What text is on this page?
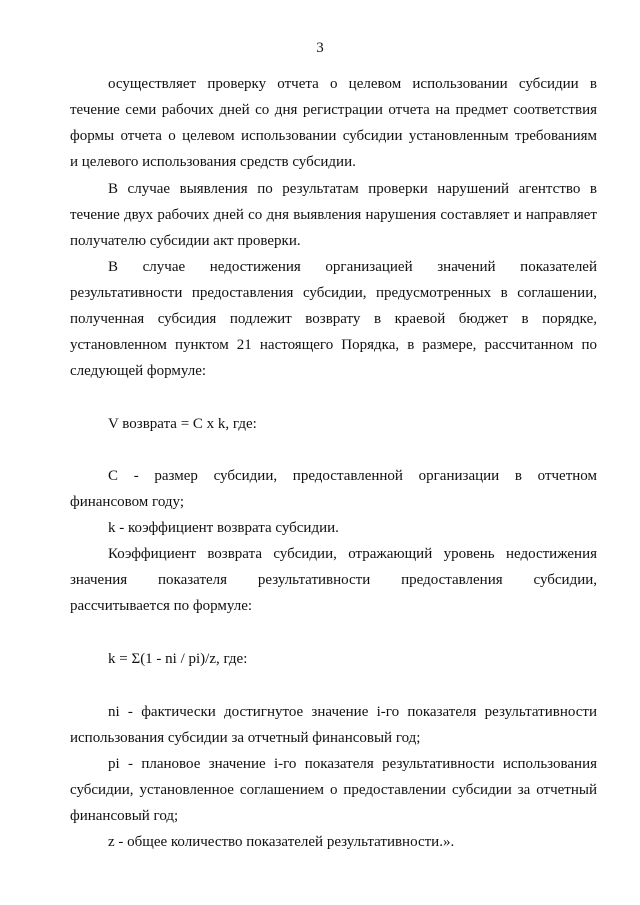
3
осуществляет проверку отчета о целевом использовании субсидии в
течение семи рабочих дней со дня регистрации отчета на предмет соответствия
формы отчета о целевом использовании субсидии установленным требованиям
и целевого использования средств субсидии.
В случае выявления по результатам проверки нарушений агентство в
течение двух рабочих дней со дня выявления нарушения составляет и направляет
получателю субсидии акт проверки.
В случае недостижения организацией значений показателей
результативности предоставления субсидии, предусмотренных в соглашении,
полученная субсидия подлежит возврату в краевой бюджет в порядке,
установленном пунктом 21 настоящего Порядка, в размере, рассчитанном по
следующей формуле:
V возврата = C x k, где:
C - размер субсидии, предоставленной организации в отчетном
финансовом году;
k - коэффициент возврата субсидии.
Коэффициент возврата субсидии, отражающий уровень недостижения
значения показателя результативности предоставления субсидии,
рассчитывается по формуле:
k = Σ(1 - ni / pi)/z, где:
ni - фактически достигнутое значение i-го показателя результативности
использования субсидии за отчетный финансовый год;
pi - плановое значение i-го показателя результативности использования
субсидии, установленное соглашением о предоставлении субсидии за отчетный
финансовый год;
z - общее количество показателей результативности.».
